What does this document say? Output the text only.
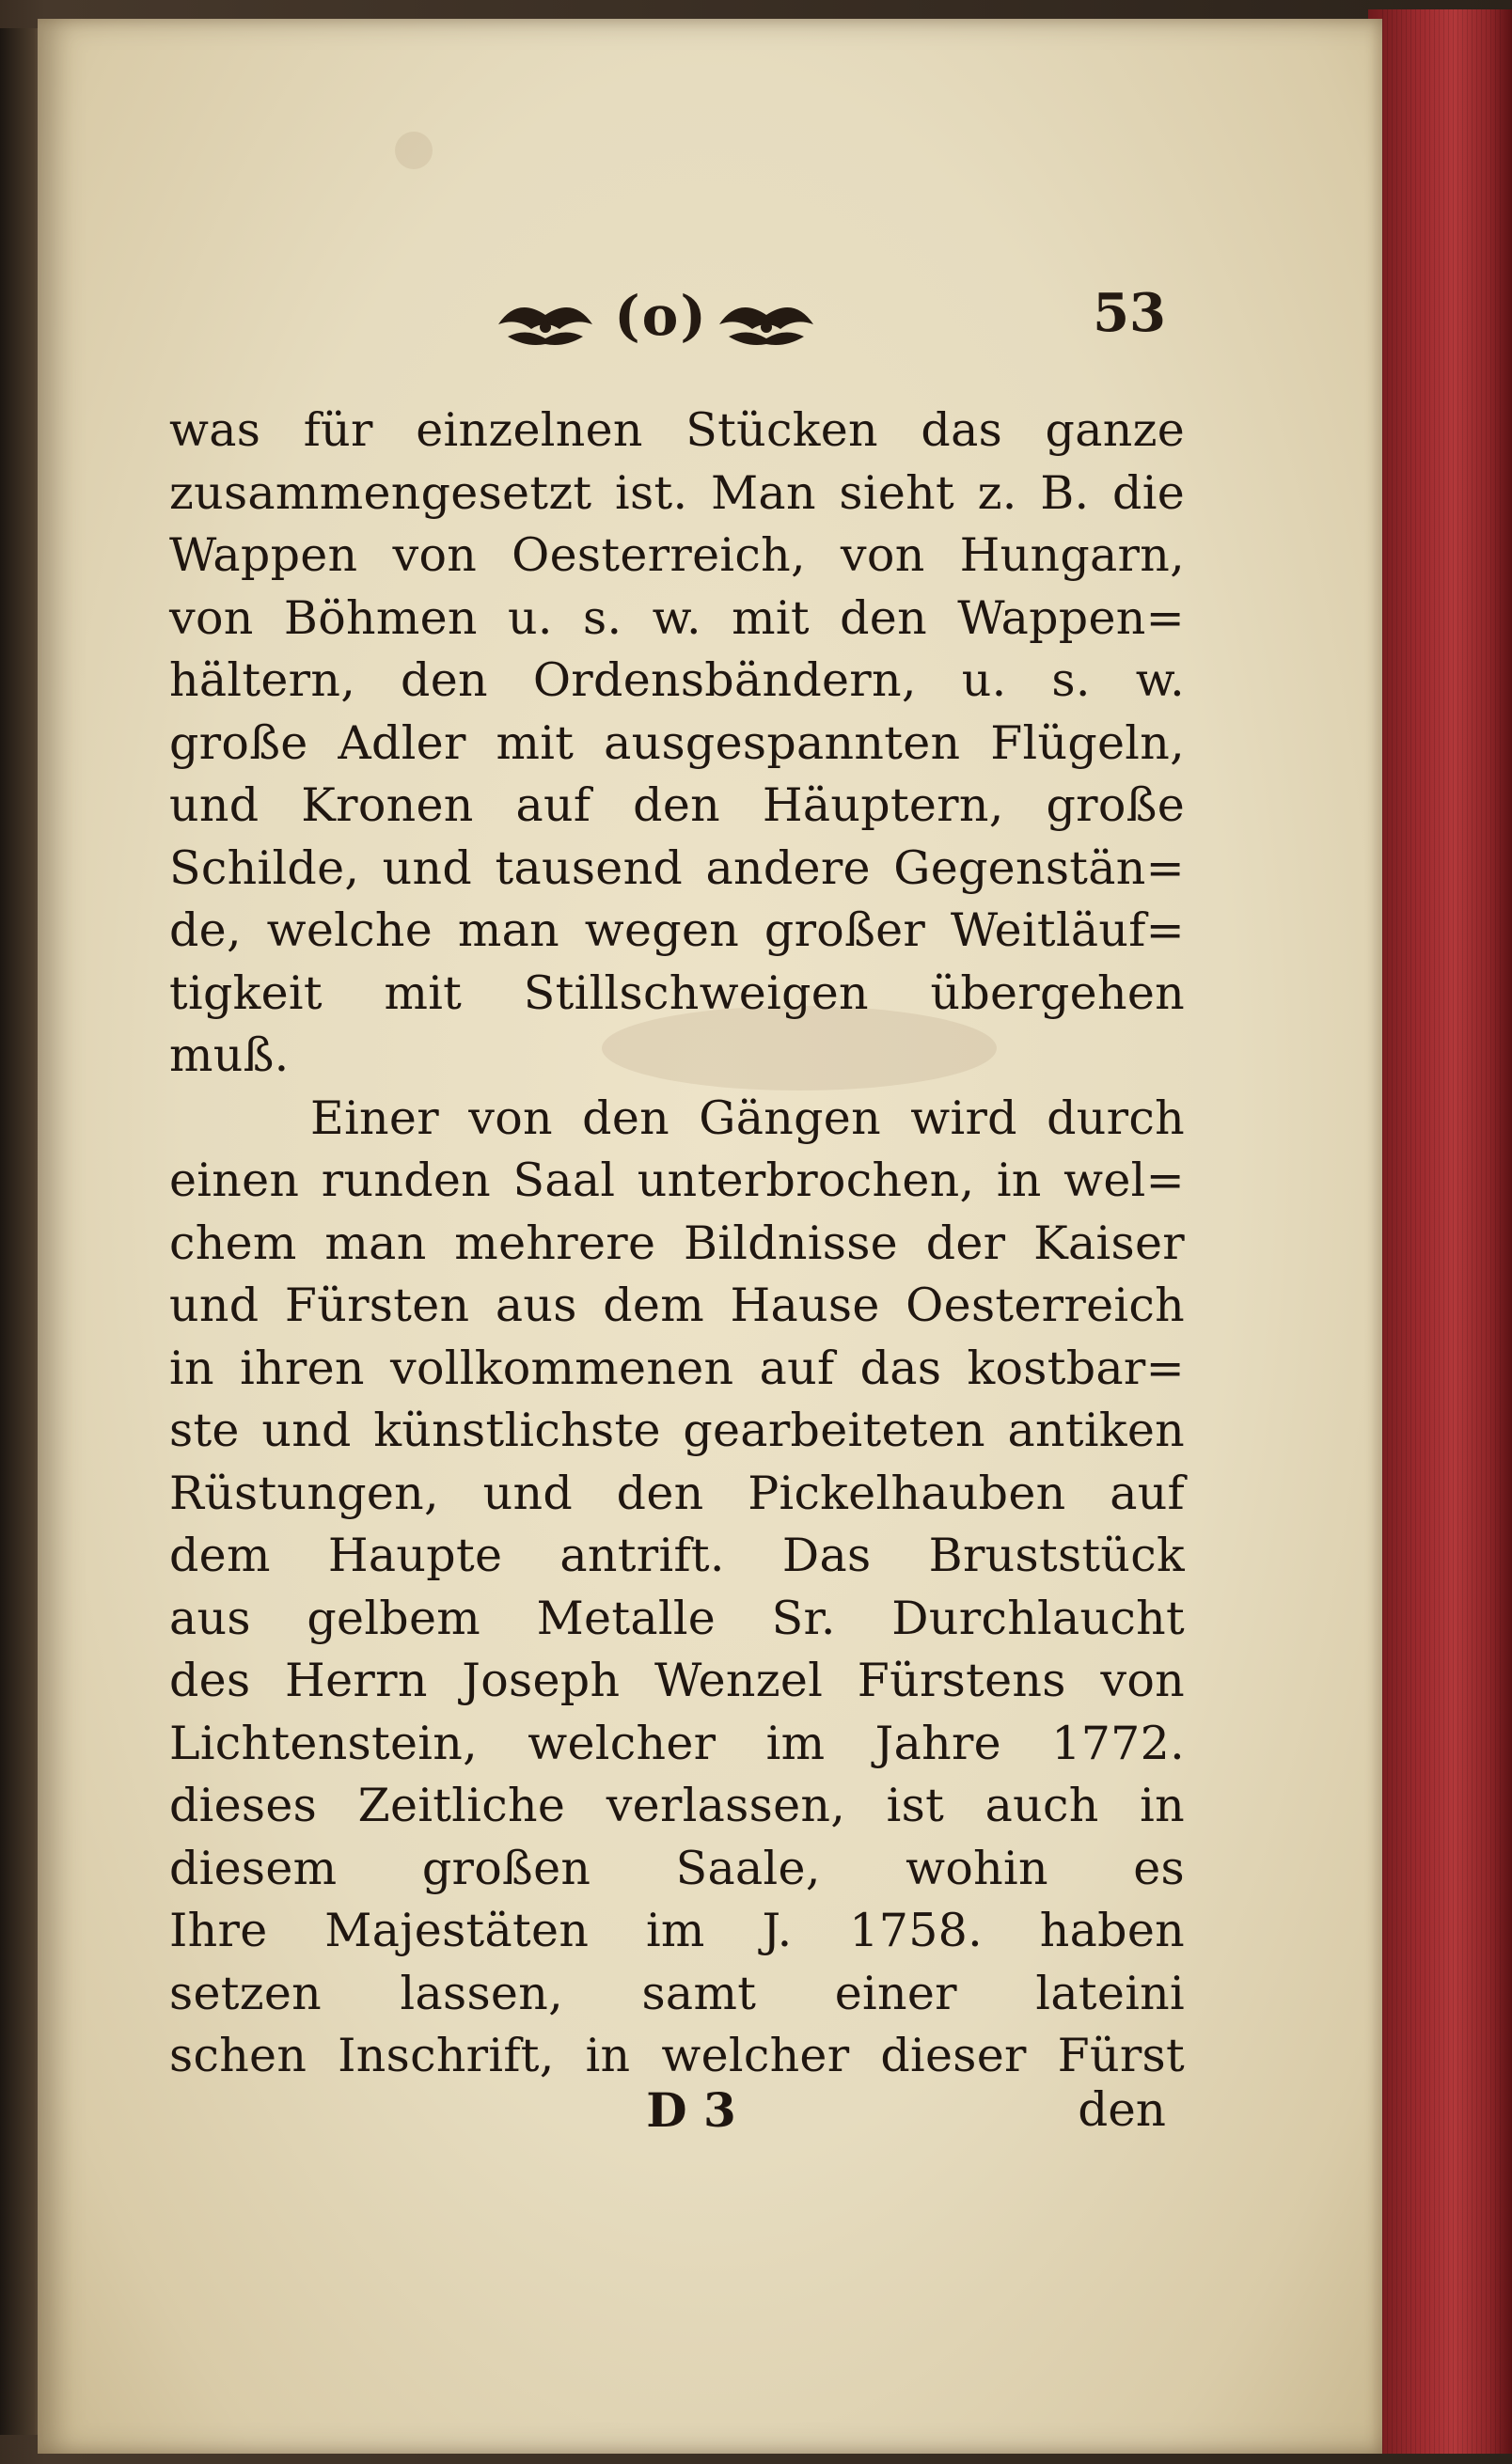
(o)	53
was für einzelnen Stücken das ganze
zusammengesetzt ist. Man sieht z. B. die
Wappen von Oesterreich, von Hungarn,
von Böhmen u. s. w. mit den Wappen=
hältern, den Ordensbändern, u. s. w.
große Adler mit ausgespannten Flügeln,
und Kronen auf den Häuptern, große
Schilde, und tausend andere Gegenstän=
de, welche man wegen großer Weitläuf=
tigkeit mit Stillschweigen übergehen
muß.
Einer von den Gängen wird durch
einen runden Saal unterbrochen, in wel=
chem man mehrere Bildnisse der Kaiser
und Fürsten aus dem Hause Oesterreich
in ihren vollkommenen auf das kostbar=
ste und künstlichste gearbeiteten antiken
Rüstungen, und den Pickelhauben auf
dem Haupte antrift. Das Bruststück
aus gelbem Metalle Sr. Durchlaucht
des Herrn Joseph Wenzel Fürstens von
Lichtenstein, welcher im Jahre 1772.
dieses Zeitliche verlassen, ist auch in
diesem großen Saale, wohin es
Ihre Majestäten im J. 1758. haben
setzen lassen, samt einer lateini
schen Inschrift, in welcher dieser Fürst
D 3	den
